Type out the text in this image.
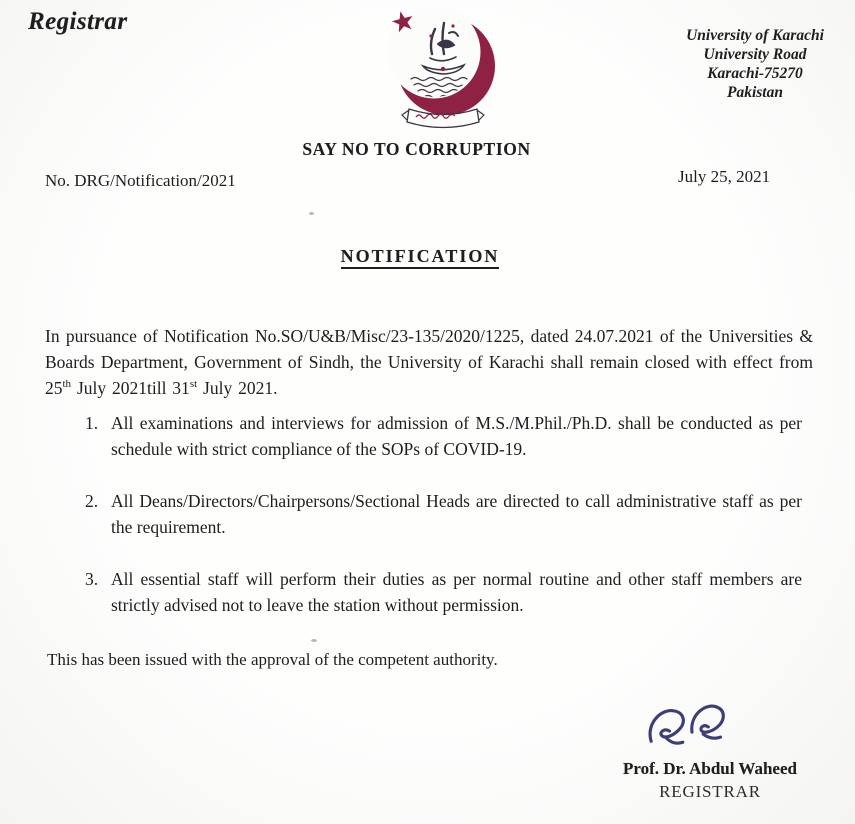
Registrar
University of Karachi
University Road
Karachi-75270
Pakistan
SAY NO TO CORRUPTION
No. DRG/Notification/2021	July 25, 2021
NOTIFICATION

In pursuance of Notification No.SO/U&B/Misc/23-135/2020/1225, dated 24.07.2021 of the Universities & Boards Department, Government of Sindh, the University of Karachi shall remain closed with effect from 25th July 2021till 31st July 2021.

1. All examinations and interviews for admission of M.S./M.Phil./Ph.D. shall be conducted as per schedule with strict compliance of the SOPs of COVID-19.
2. All Deans/Directors/Chairpersons/Sectional Heads are directed to call administrative staff as per the requirement.
3. All essential staff will perform their duties as per normal routine and other staff members are strictly advised not to leave the station without permission.
This has been issued with the approval of the competent authority.
Prof. Dr. Abdul Waheed
REGISTRAR
